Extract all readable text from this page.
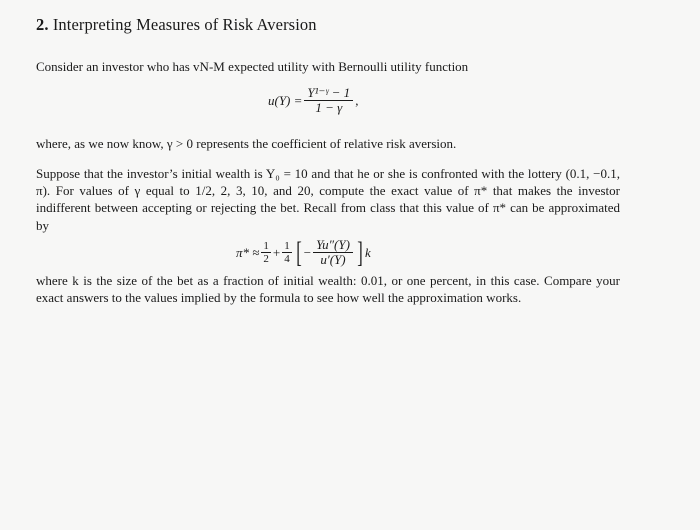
2. Interpreting Measures of Risk Aversion
Consider an investor who has vN-M expected utility with Bernoulli utility function
$u(Y) = \frac{\text{Y¹⁻ᵞ − 1}}{1 - \gamma}$ ,
where, as we now know, γ > 0 represents the coefficient of relative risk aversion.
Suppose that the investor’s initial wealth is Y₀ = 10 and that he or she is confronted with the lottery (0.1, −0.1, π). For values of γ equal to 1/2, 2, 3, 10, and 20, compute the exact value of π* that makes the investor indifferent between accepting or rejecting the bet. Recall from class that this value of π* can be approximated by
$\pi* \approx \frac{1}{2} + \frac{1}{4}$ [ − $\frac{Yu''(Y)}{u'(Y)}$ ] k
where k is the size of the bet as a fraction of initial wealth: 0.01, or one percent, in this case. Compare your exact answers to the values implied by the formula to see how well the approximation works.
